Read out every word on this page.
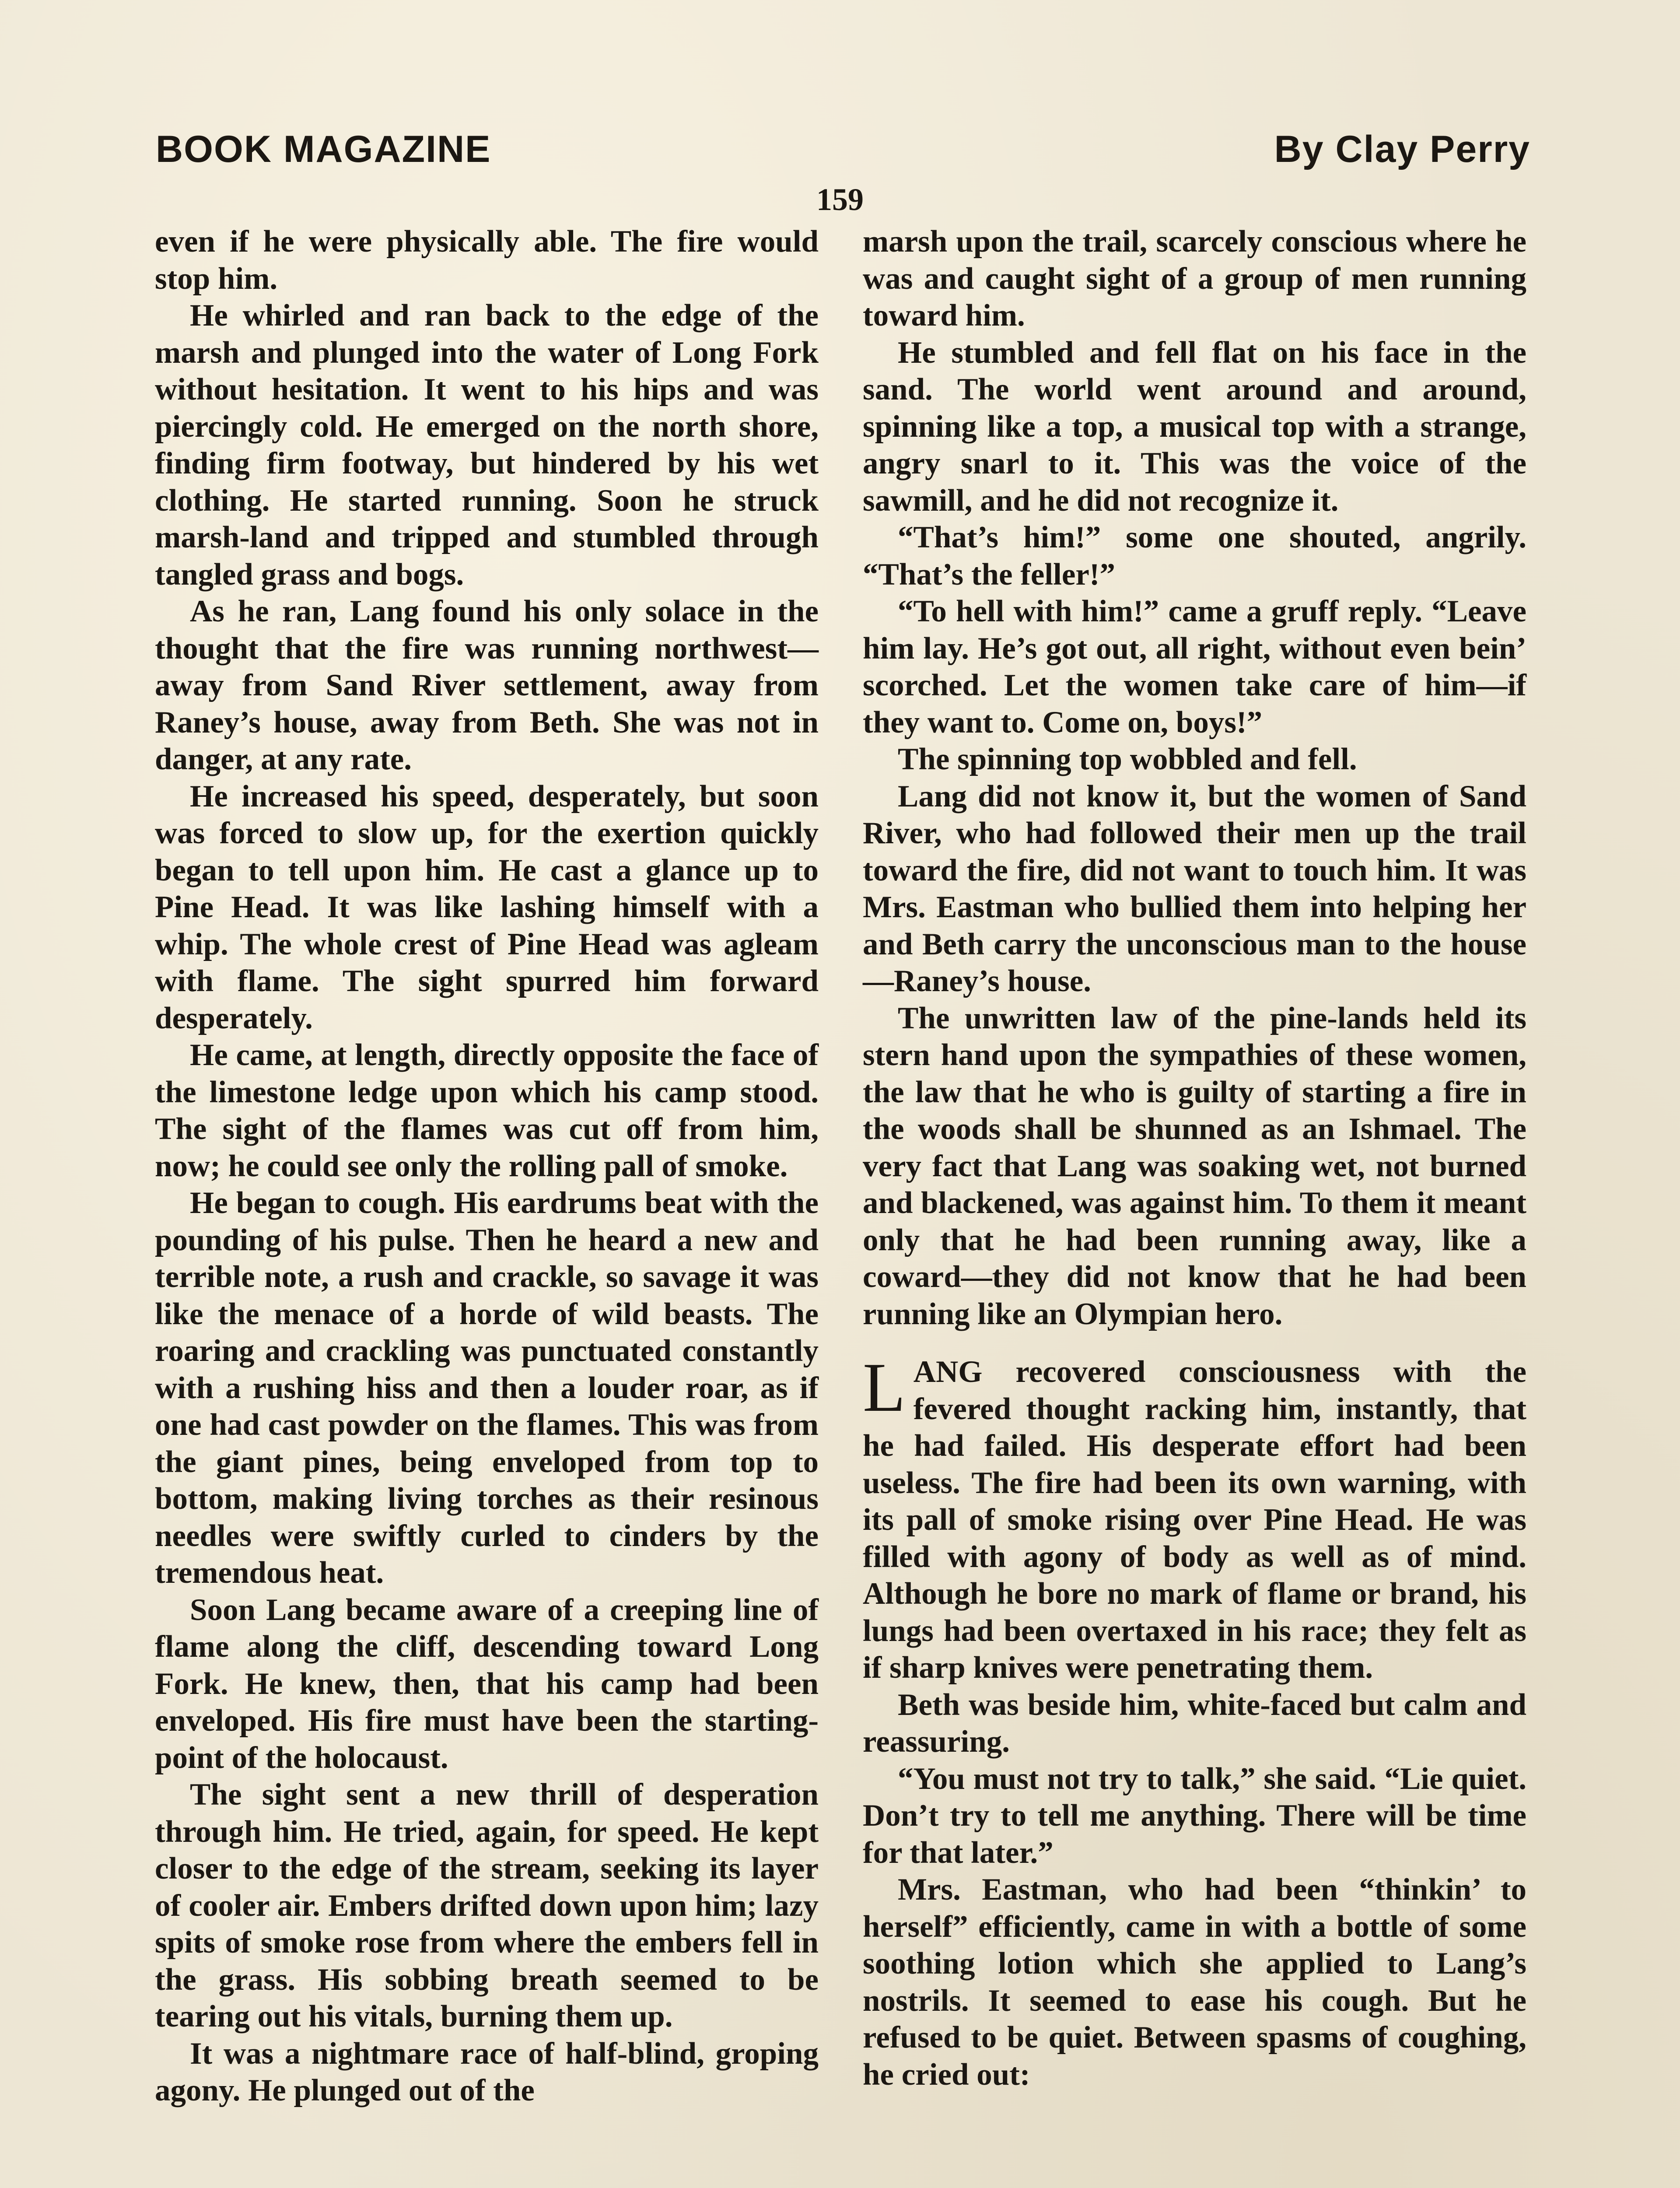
BOOK MAGAZINE	By Clay Perry
159

even if he were physically able. The fire would stop him.

He whirled and ran back to the edge of the marsh and plunged into the water of Long Fork without hesitation. It went to his hips and was piercingly cold. He emerged on the north shore, finding firm footway, but hindered by his wet clothing. He started running. Soon he struck marsh-land and tripped and stumbled through tangled grass and bogs.

As he ran, Lang found his only solace in the thought that the fire was running northwest—away from Sand River settlement, away from Raney’s house, away from Beth. She was not in danger, at any rate.

He increased his speed, desperately, but soon was forced to slow up, for the exertion quickly began to tell upon him. He cast a glance up to Pine Head. It was like lashing himself with a whip. The whole crest of Pine Head was agleam with flame. The sight spurred him forward desperately.

He came, at length, directly opposite the face of the limestone ledge upon which his camp stood. The sight of the flames was cut off from him, now; he could see only the rolling pall of smoke.

He began to cough. His eardrums beat with the pounding of his pulse. Then he heard a new and terrible note, a rush and crackle, so savage it was like the menace of a horde of wild beasts. The roaring and crackling was punctuated constantly with a rushing hiss and then a louder roar, as if one had cast powder on the flames. This was from the giant pines, being enveloped from top to bottom, making living torches as their resinous needles were swiftly curled to cinders by the tremendous heat.

Soon Lang became aware of a creeping line of flame along the cliff, descending toward Long Fork. He knew, then, that his camp had been enveloped. His fire must have been the starting-point of the holocaust.

The sight sent a new thrill of desperation through him. He tried, again, for speed. He kept closer to the edge of the stream, seeking its layer of cooler air. Embers drifted down upon him; lazy spits of smoke rose from where the embers fell in the grass. His sobbing breath seemed to be tearing out his vitals, burning them up.

It was a nightmare race of half-blind, groping agony. He plunged out of the

marsh upon the trail, scarcely conscious where he was and caught sight of a group of men running toward him.

He stumbled and fell flat on his face in the sand. The world went around and around, spinning like a top, a musical top with a strange, angry snarl to it. This was the voice of the sawmill, and he did not recognize it.

“That’s him!” some one shouted, angrily. “That’s the feller!”

“To hell with him!” came a gruff reply. “Leave him lay. He’s got out, all right, without even bein’ scorched. Let the women take care of him—if they want to. Come on, boys!”

The spinning top wobbled and fell.

Lang did not know it, but the women of Sand River, who had followed their men up the trail toward the fire, did not want to touch him. It was Mrs. Eastman who bullied them into helping her and Beth carry the unconscious man to the house—Raney’s house.

The unwritten law of the pine-lands held its stern hand upon the sympathies of these women, the law that he who is guilty of starting a fire in the woods shall be shunned as an Ishmael. The very fact that Lang was soaking wet, not burned and blackened, was against him. To them it meant only that he had been running away, like a coward—they did not know that he had been running like an Olympian hero.

LANG recovered consciousness with the fevered thought racking him, instantly, that he had failed. His desperate effort had been useless. The fire had been its own warning, with its pall of smoke rising over Pine Head. He was filled with agony of body as well as of mind. Although he bore no mark of flame or brand, his lungs had been overtaxed in his race; they felt as if sharp knives were penetrating them.

Beth was beside him, white-faced but calm and reassuring.

“You must not try to talk,” she said. “Lie quiet. Don’t try to tell me anything. There will be time for that later.”

Mrs. Eastman, who had been “thinkin’ to herself” efficiently, came in with a bottle of some soothing lotion which she applied to Lang’s nostrils. It seemed to ease his cough. But he refused to be quiet. Between spasms of coughing, he cried out:
